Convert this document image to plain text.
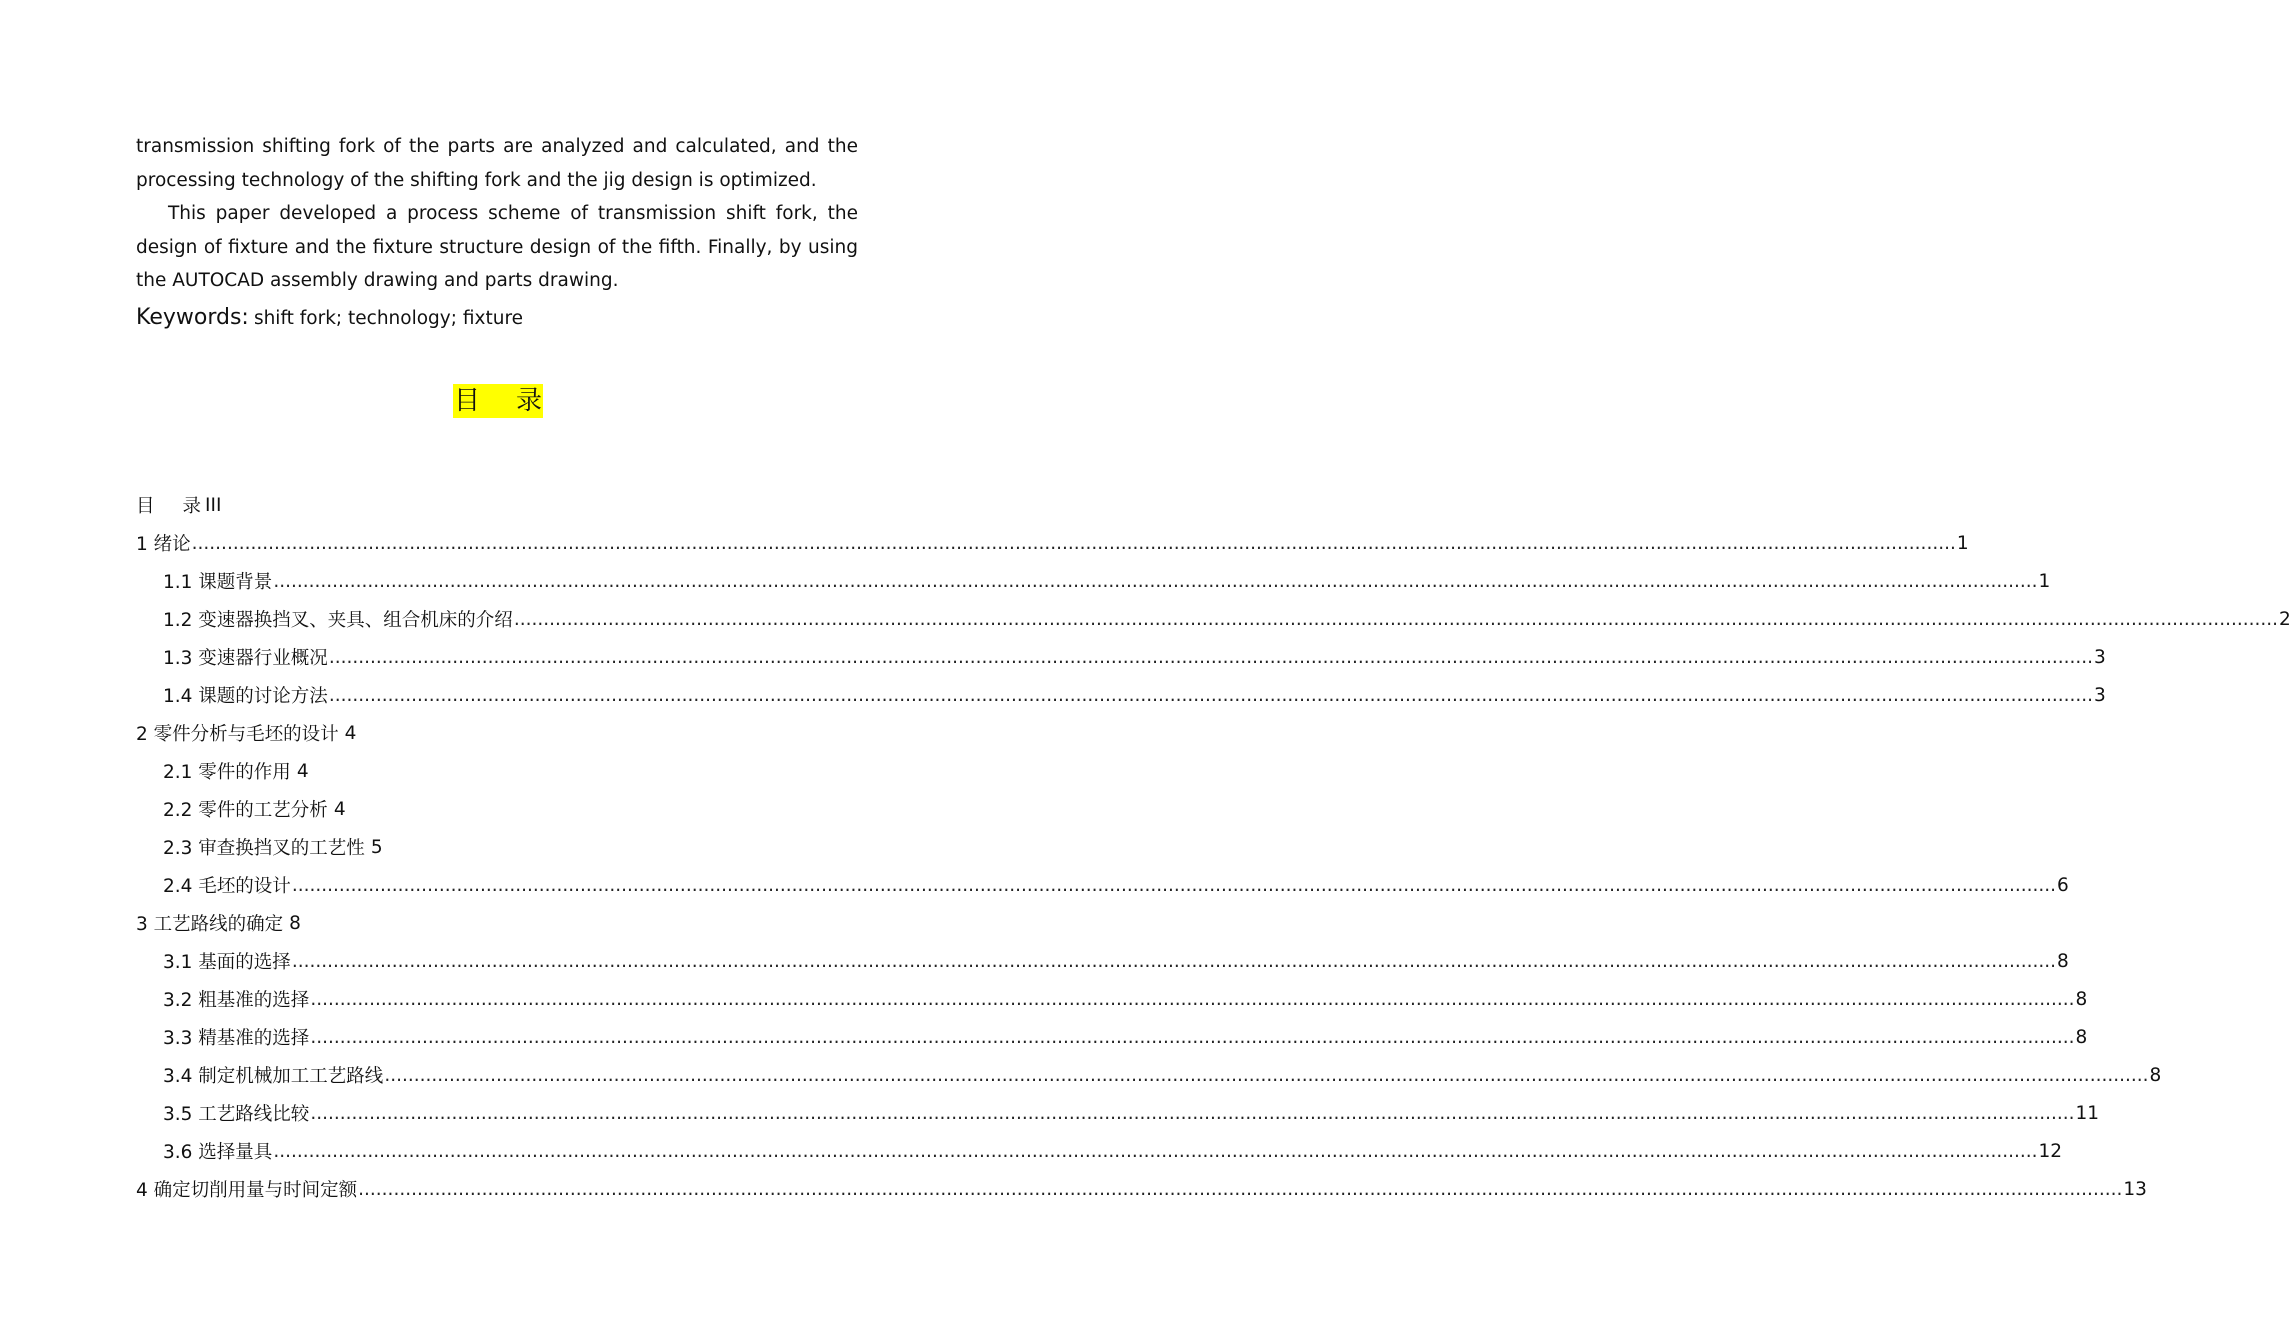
transmission shifting fork of the parts are analyzed and calculated, and the processing technology of the shifting fork and the jig design is optimized.

This paper developed a process scheme of transmission shift fork, the design of fixture and the fixture structure design of the fifth. Finally, by using the AUTOCAD assembly drawing and parts drawing.

Keywords: shift fork; technology; fixture
目 录
目 录 III
1 绪论 ............................................................................................................................................................................................................................................................................................................ 1
1.1 课题背景 ............................................................................................................................................................................................................................................................................................................ 1
1.2 变速器换挡叉、夹具、组合机床的介绍 ............................................................................................................................................................................................................................................................................................................ 2
1.3 变速器行业概况 ............................................................................................................................................................................................................................................................................................................ 3
1.4 课题的讨论方法 ............................................................................................................................................................................................................................................................................................................ 3
2 零件分析与毛坯的设计 4
2.1 零件的作用 4
2.2 零件的工艺分析 4
2.3 审查换挡叉的工艺性 5
2.4 毛坯的设计 ............................................................................................................................................................................................................................................................................................................ 6
3 工艺路线的确定 8
3.1 基面的选择 ............................................................................................................................................................................................................................................................................................................ 8
3.2 粗基准的选择 ............................................................................................................................................................................................................................................................................................................ 8
3.3 精基准的选择 ............................................................................................................................................................................................................................................................................................................ 8
3.4 制定机械加工工艺路线 ............................................................................................................................................................................................................................................................................................................ 8
3.5 工艺路线比较 ............................................................................................................................................................................................................................................................................................................ 11
3.6 选择量具 ............................................................................................................................................................................................................................................................................................................ 12
4 确定切削用量与时间定额 ............................................................................................................................................................................................................................................................................................................ 13
